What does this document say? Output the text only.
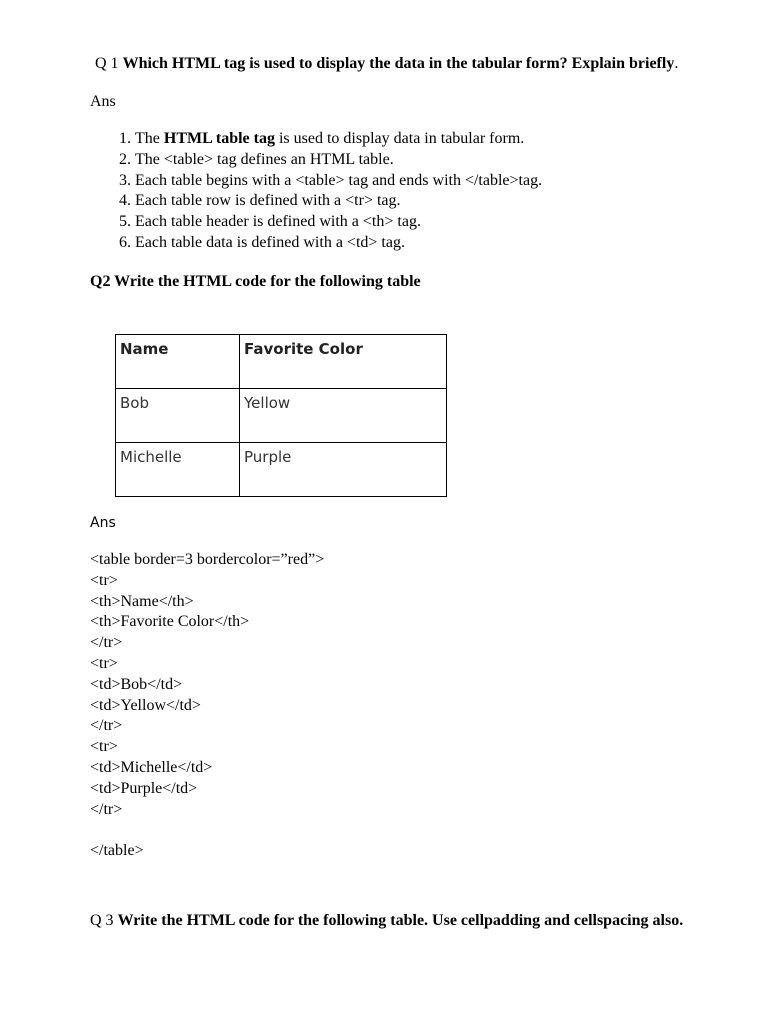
Q 1 Which HTML tag is used to display the data in the tabular form? Explain briefly.

Ans

1. The HTML table tag is used to display data in tabular form.
2. The <table> tag defines an HTML table.
3. Each table begins with a <table> tag and ends with </table>tag.
4. Each table row is defined with a <tr> tag.
5. Each table header is defined with a <th> tag.
6. Each table data is defined with a <td> tag.

Q2 Write the HTML code for the following table

Name	Favorite Color
Bob	Yellow
Michelle	Purple
Ans

<table border=3 bordercolor=”red”>

<tr>

<th>Name</th>

<th>Favorite Color</th>

</tr>

<tr>

<td>Bob</td>

<td>Yellow</td>

</tr>

<tr>

<td>Michelle</td>

<td>Purple</td>

</tr>

</table>

Q 3 Write the HTML code for the following table. Use cellpadding and cellspacing also.
